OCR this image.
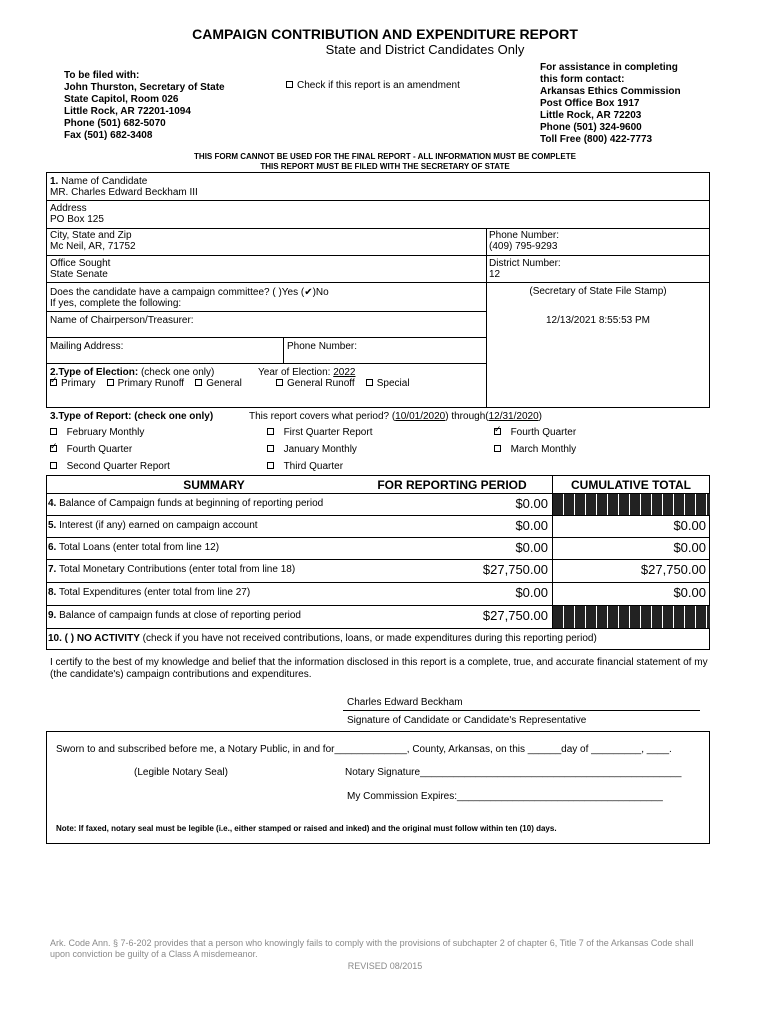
CAMPAIGN CONTRIBUTION AND EXPENDITURE REPORT
State and District Candidates Only
To be filed with:
John Thurston, Secretary of State
State Capitol, Room 026
Little Rock, AR 72201-1094
Phone (501) 682-5070
Fax (501) 682-3408
Check if this report is an amendment
For assistance in completing
this form contact:
Arkansas Ethics Commission
Post Office Box 1917
Little Rock, AR 72203
Phone (501) 324-9600
Toll Free (800) 422-7773
THIS FORM CANNOT BE USED FOR THE FINAL REPORT - ALL INFORMATION MUST BE COMPLETE
THIS REPORT MUST BE FILED WITH THE SECRETARY OF STATE
1. Name of Candidate
MR. Charles Edward Beckham III
Address
PO Box 125
City, State and Zip
Mc Neil, AR, 71752
Phone Number:
(409) 795-9293
Office Sought
State Senate
District Number:
12
Does the candidate have a campaign committee? ( )Yes (✔)No
If yes, complete the following:
Name of Chairperson/Treasurer:
Mailing Address:	Phone Number:
(Secretary of State File Stamp)
12/13/2021 8:55:53 PM
2.Type of Election: (check one only)	Year of Election: 2022
✓Primary Primary Runoff General	General Runoff Special
3.Type of Report: (check one only)	This report covers what period? (10/01/2020) through(12/31/2020)
February Monthly	First Quarter Report
✓	Fourth Quarter
✓  Fourth Quarter	January Monthly	March Monthly
Second Quarter Report	Third Quarter
SUMMARY	FOR REPORTING PERIOD	CUMULATIVE TOTAL
4. Balance of Campaign funds at beginning of reporting period	$0.00
5. Interest (if any) earned on campaign account	$0.00	$0.00
6. Total Loans (enter total from line 12)	$0.00	$0.00
7. Total Monetary Contributions (enter total from line 18)	$27,750.00	$27,750.00
8. Total Expenditures (enter total from line 27)	$0.00	$0.00
9. Balance of campaign funds at close of reporting period	$27,750.00
10. ( ) NO ACTIVITY (check if you have not received contributions, loans, or made expenditures during this reporting period)
I certify to the best of my knowledge and belief that the information disclosed in this report is a complete, true, and accurate financial statement of my (the candidate's) campaign contributions and expenditures.
Charles Edward Beckham
Signature of Candidate or Candidate's Representative
Sworn to and subscribed before me, a Notary Public, in and for_____________, County, Arkansas, on this ______day of _________, ____.
(Legible Notary Seal)	Notary Signature_______________________________________________
My Commission Expires:_____________________________________
Note: If faxed, notary seal must be legible (i.e., either stamped or raised and inked) and the original must follow within ten (10) days.
Ark. Code Ann. § 7-6-202 provides that a person who knowingly fails to comply with the provisions of subchapter 2 of chapter 6, Title 7 of the Arkansas Code shall upon conviction be guilty of a Class A misdemeanor.
REVISED 08/2015
